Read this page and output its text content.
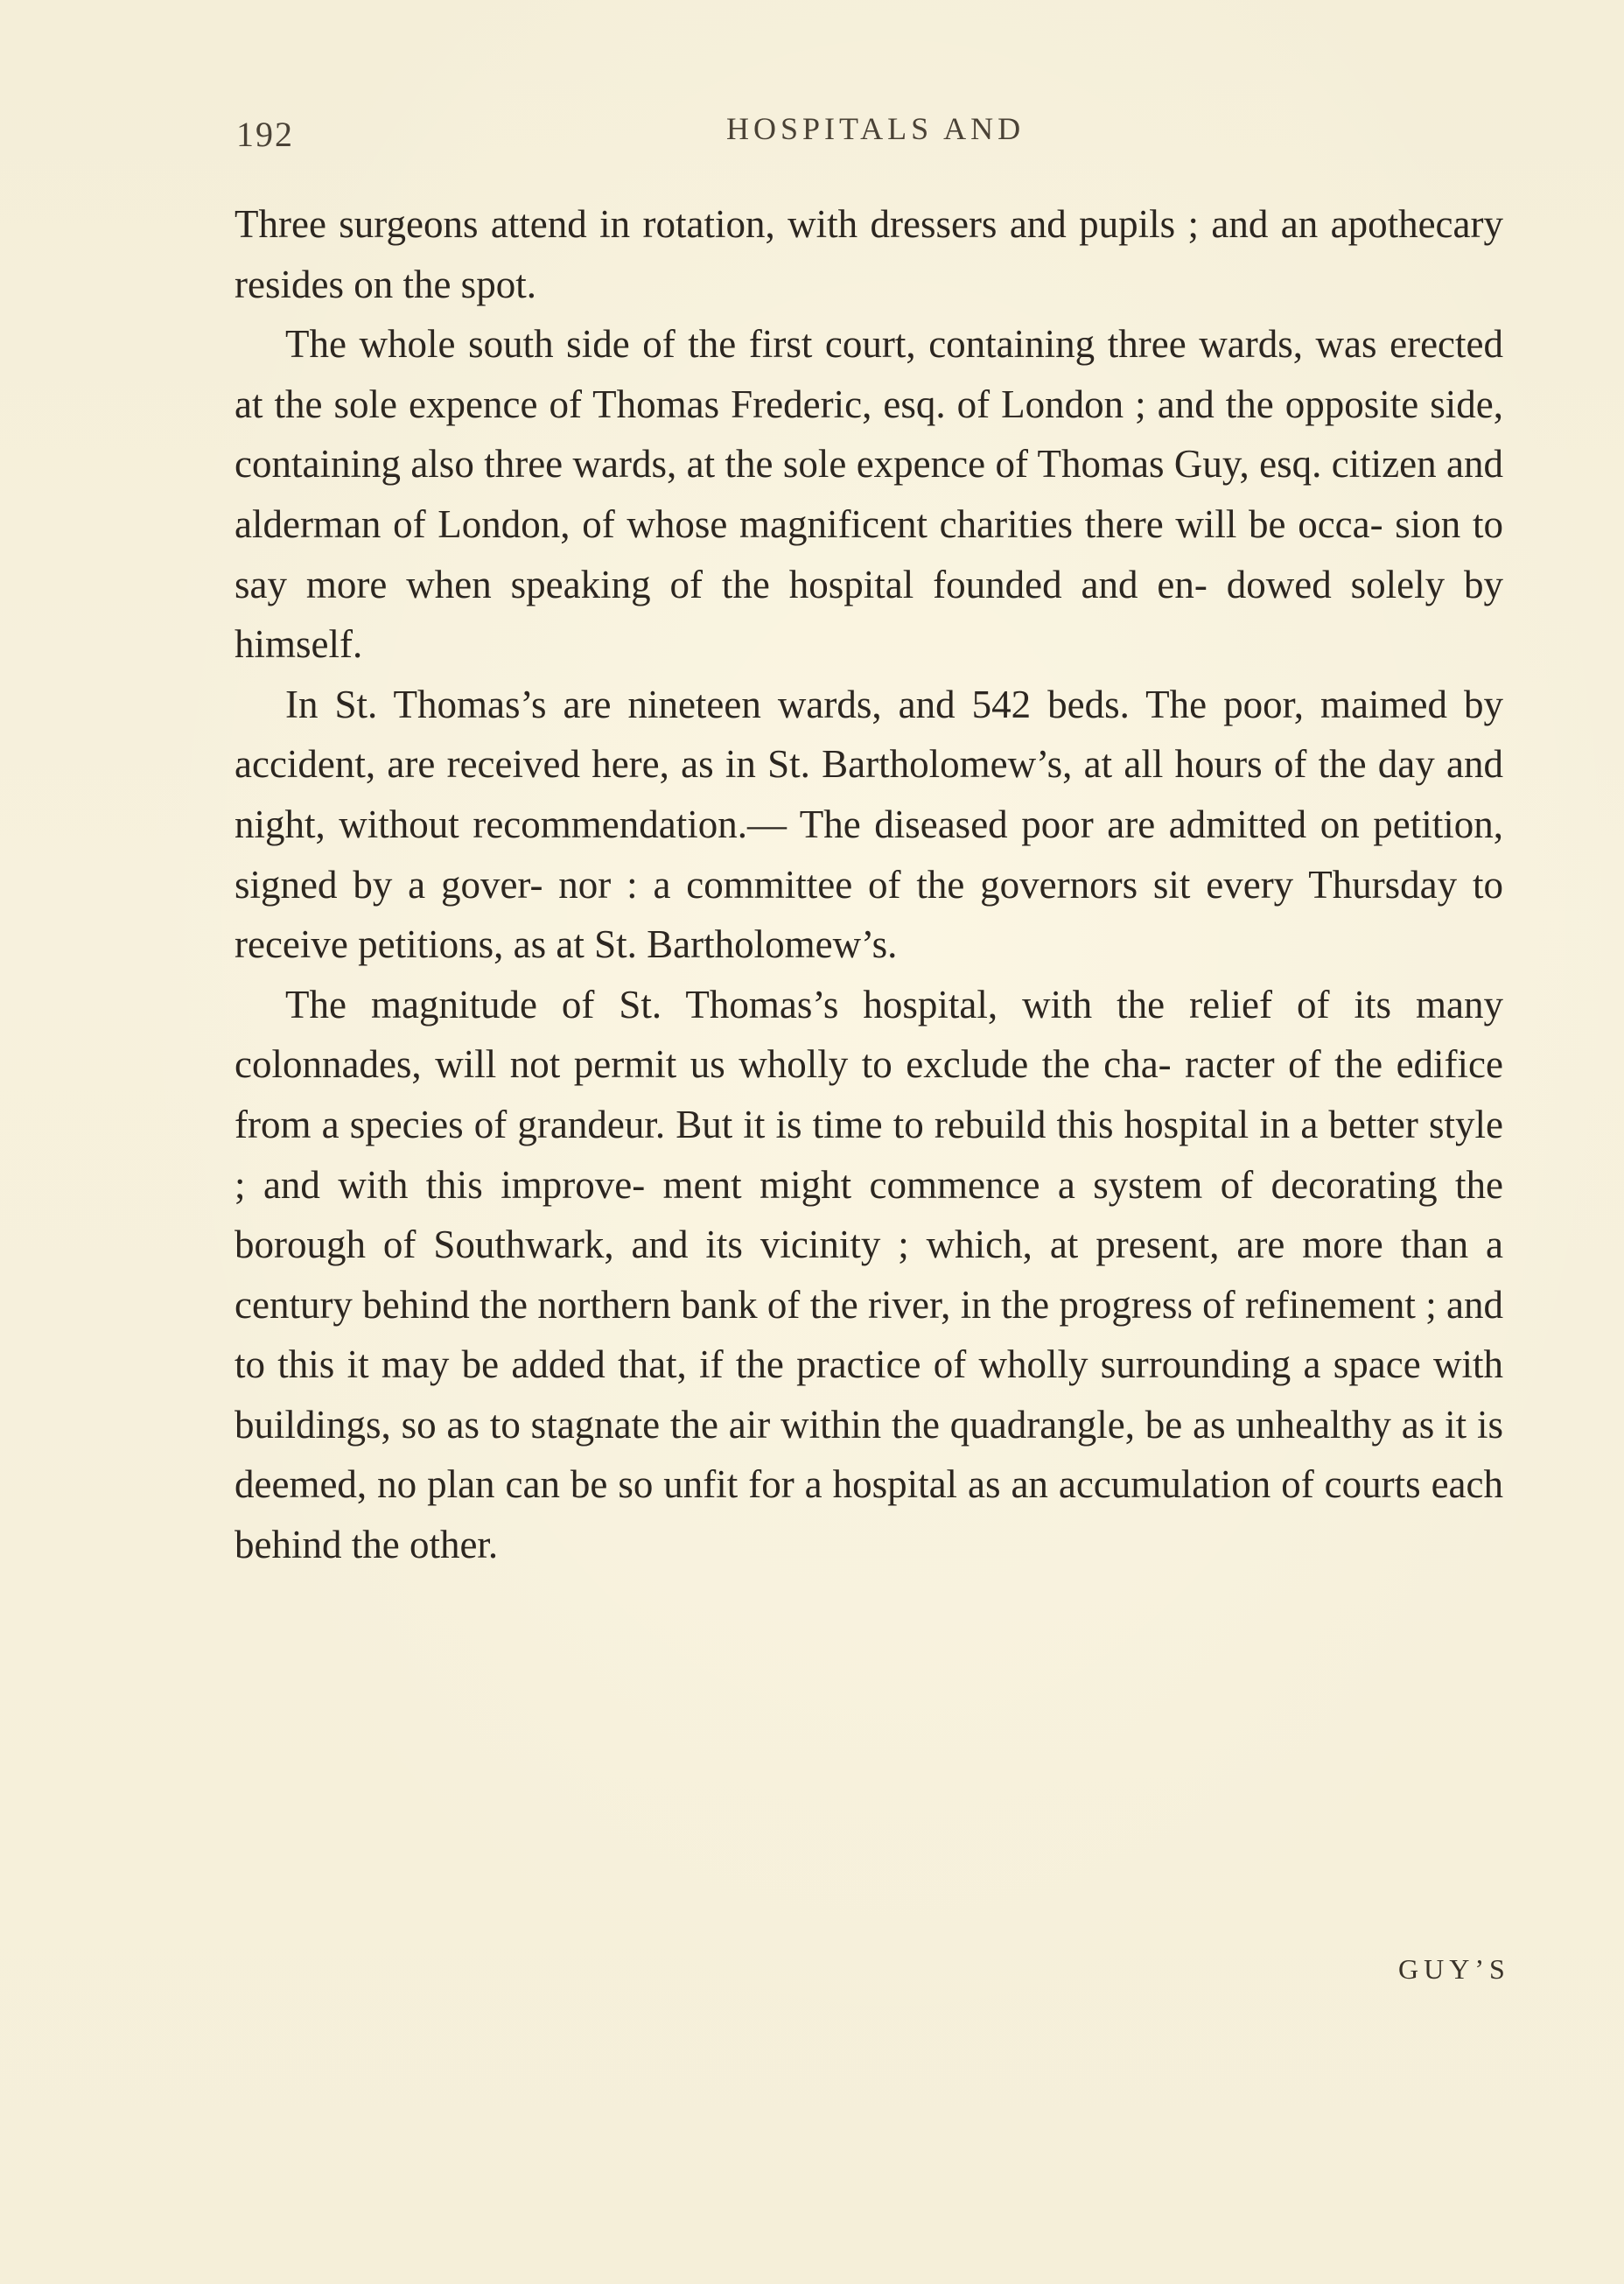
192	HOSPITALS AND

Three surgeons attend in rotation, with dressers and pupils ; and an apothecary resides on the spot.

The whole south side of the first court, containing three wards, was erected at the sole expence of Thomas Frederic, esq. of London ; and the opposite side, containing also three wards, at the sole expence of Thomas Guy, esq. citizen and alderman of London, of whose magnificent charities there will be occa- sion to say more when speaking of the hospital founded and en- dowed solely by himself.

In St. Thomas’s are nineteen wards, and 542 beds. The poor, maimed by accident, are received here, as in St. Bartholomew’s, at all hours of the day and night, without recommendation.— The diseased poor are admitted on petition, signed by a gover- nor : a committee of the governors sit every Thursday to receive petitions, as at St. Bartholomew’s.

The magnitude of St. Thomas’s hospital, with the relief of its many colonnades, will not permit us wholly to exclude the cha- racter of the edifice from a species of grandeur. But it is time to rebuild this hospital in a better style ; and with this improve- ment might commence a system of decorating the borough of Southwark, and its vicinity ; which, at present, are more than a century behind the northern bank of the river, in the progress of refinement ; and to this it may be added that, if the practice of wholly surrounding a space with buildings, so as to stagnate the air within the quadrangle, be as unhealthy as it is deemed, no plan can be so unfit for a hospital as an accumulation of courts each behind the other.

GUY’S
